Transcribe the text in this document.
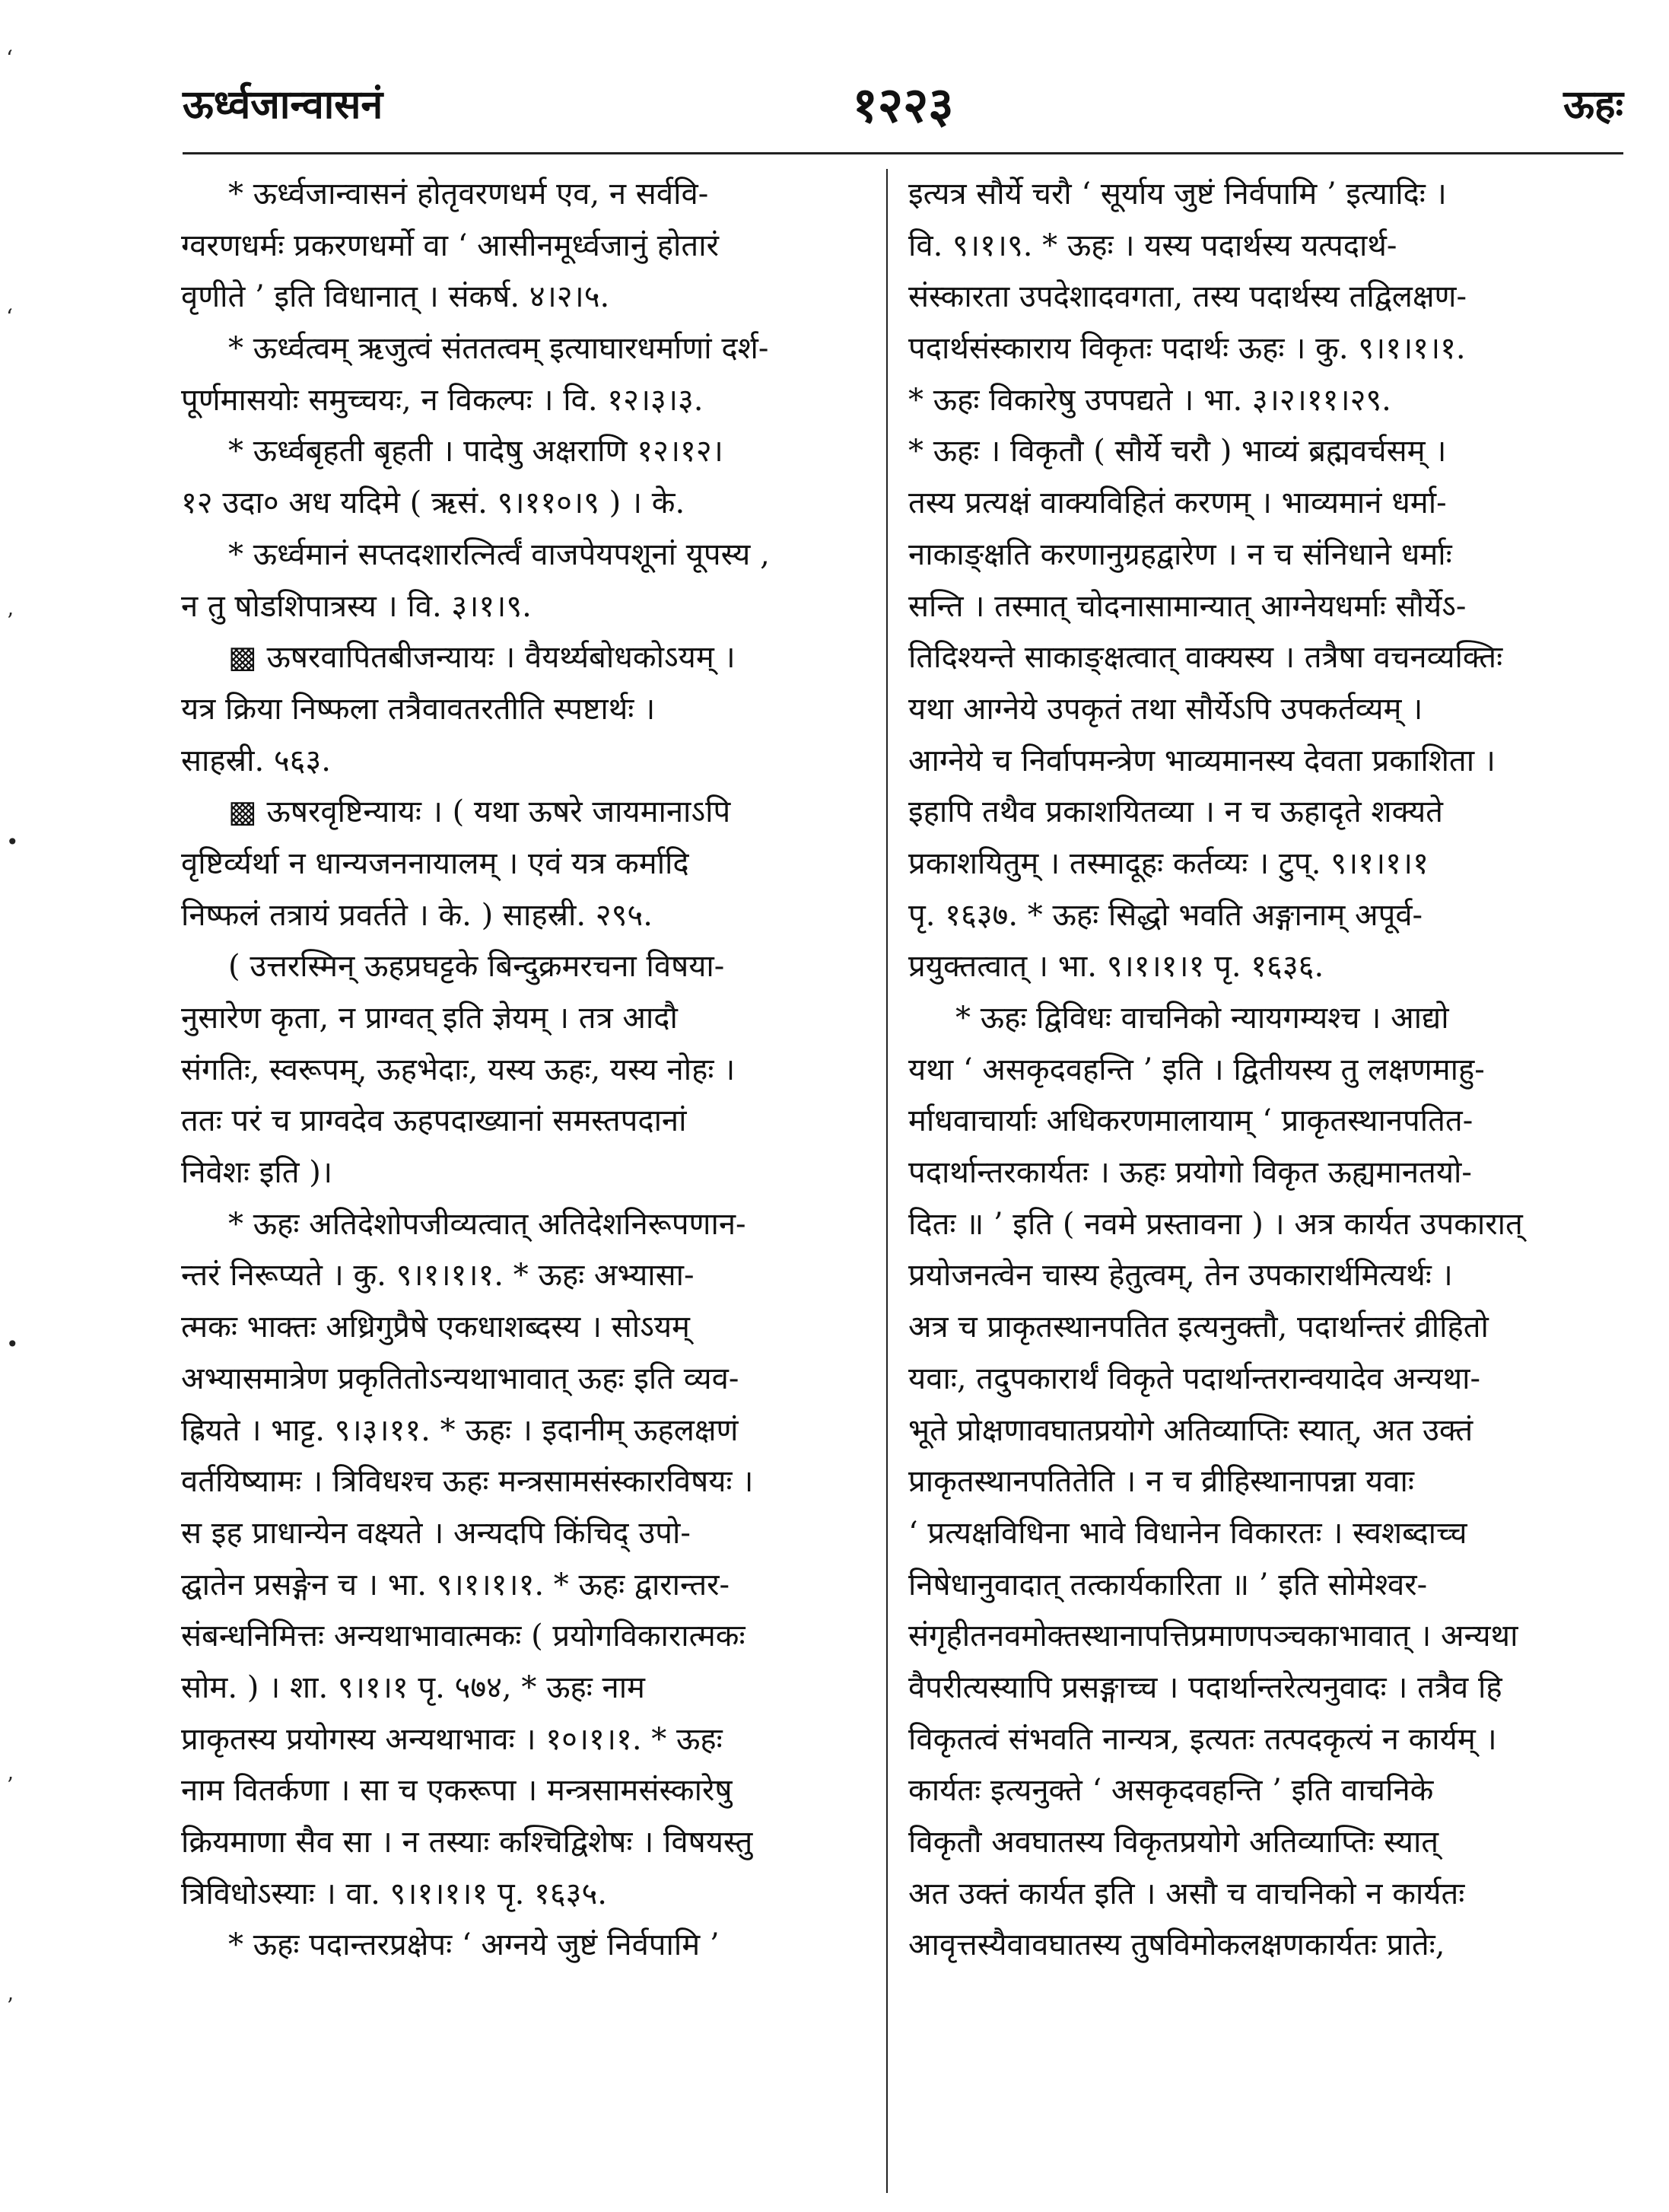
ऊर्ध्वजान्वासनं	१२२३	ऊहः
* ऊर्ध्वजान्वासनं होतृवरणधर्म एव, न सर्ववि-
ग्वरणधर्मः प्रकरणधर्मो वा ‘ आसीनमूर्ध्वजानुं होतारं
वृणीते ’ इति विधानात् । संकर्ष. ४।२।५.
* ऊर्ध्वत्वम् ऋजुत्वं संततत्वम् इत्याघारधर्माणां दर्श-
पूर्णमासयोः समुच्चयः, न विकल्पः । वि. १२।३।३.
* ऊर्ध्वबृहती बृहती । पादेषु अक्षराणि १२।१२।
१२ उदा० अध यदिमे ( ऋसं. ९।११०।९ ) । के.
* ऊर्ध्वमानं सप्तदशारत्निर्त्वं वाजपेयपशूनां यूपस्य ,
न तु षोडशिपात्रस्य । वि. ३।१।९.
▩ ऊषरवापितबीजन्यायः । वैयर्थ्यबोधकोऽयम् ।
यत्र क्रिया निष्फला तत्रैवावतरतीति स्पष्टार्थः ।
साहस्री. ५६३.
▩ ऊषरवृष्टिन्यायः । ( यथा ऊषरे जायमानाऽपि
वृष्टिर्व्यर्था न धान्यजननायालम् । एवं यत्र कर्मादि
निष्फलं तत्रायं प्रवर्तते । के. ) साहस्री. २९५.
( उत्तरस्मिन् ऊहप्रघट्टके बिन्दुक्रमरचना विषया-
नुसारेण कृता, न प्राग्वत् इति ज्ञेयम् । तत्र आदौ
संगतिः, स्वरूपम्, ऊहभेदाः, यस्य ऊहः, यस्य नोहः ।
ततः परं च प्राग्वदेव ऊहपदाख्यानां समस्तपदानां
निवेशः इति )।
* ऊहः अतिदेशोपजीव्यत्वात् अतिदेशनिरूपणान-
न्तरं निरूप्यते । कु. ९।१।१।१. * ऊहः अभ्यासा-
त्मकः भाक्तः अध्रिगुप्रैषे एकधाशब्दस्य । सोऽयम्
अभ्यासमात्रेण प्रकृतितोऽन्यथाभावात् ऊहः इति व्यव-
ह्रियते । भाट्ट. ९।३।११. * ऊहः । इदानीम् ऊहलक्षणं
वर्तयिष्यामः । त्रिविधश्च ऊहः मन्त्रसामसंस्कारविषयः ।
स इह प्राधान्येन वक्ष्यते । अन्यदपि किंचिद् उपो-
द्घातेन प्रसङ्गेन च । भा. ९।१।१।१. * ऊहः द्वारान्तर-
संबन्धनिमित्तः अन्यथाभावात्मकः ( प्रयोगविकारात्मकः
सोम. ) । शा. ९।१।१ पृ. ५७४, * ऊहः नाम
प्राकृतस्य प्रयोगस्य अन्यथाभावः । १०।१।१. * ऊहः
नाम वितर्कणा । सा च एकरूपा । मन्त्रसामसंस्कारेषु
क्रियमाणा सैव सा । न तस्याः कश्चिद्विशेषः । विषयस्तु
त्रिविधोऽस्याः । वा. ९।१।१।१ पृ. १६३५.
* ऊहः पदान्तरप्रक्षेपः ‘ अग्नये जुष्टं निर्वपामि ’
इत्यत्र सौर्ये चरौ ‘ सूर्याय जुष्टं निर्वपामि ’ इत्यादिः ।
वि. ९।१।९. * ऊहः । यस्य पदार्थस्य यत्पदार्थ-
संस्कारता उपदेशादवगता, तस्य पदार्थस्य तद्विलक्षण-
पदार्थसंस्काराय विकृतः पदार्थः ऊहः । कु. ९।१।१।१.
* ऊहः विकारेषु उपपद्यते । भा. ३।२।११।२९.
* ऊहः । विकृतौ ( सौर्ये चरौ ) भाव्यं ब्रह्मवर्चसम् ।
तस्य प्रत्यक्षं वाक्यविहितं करणम् । भाव्यमानं धर्मा-
नाकाङ्क्षति करणानुग्रहद्वारेण । न च संनिधाने धर्माः
सन्ति । तस्मात् चोदनासामान्यात् आग्नेयधर्माः सौर्येऽ-
तिदिश्यन्ते साकाङ्क्षत्वात् वाक्यस्य । तत्रैषा वचनव्यक्तिः
यथा आग्नेये उपकृतं तथा सौर्येऽपि उपकर्तव्यम् ।
आग्नेये च निर्वापमन्त्रेण भाव्यमानस्य देवता प्रकाशिता ।
इहापि तथैव प्रकाशयितव्या । न च ऊहादृते शक्यते
प्रकाशयितुम् । तस्मादूहः कर्तव्यः । टुप्. ९।१।१।१
पृ. १६३७. * ऊहः सिद्धो भवति अङ्गानाम् अपूर्व-
प्रयुक्तत्वात् । भा. ९।१।१।१ पृ. १६३६.
* ऊहः द्विविधः वाचनिको न्यायगम्यश्च । आद्यो
यथा ‘ असकृदवहन्ति ’ इति । द्वितीयस्य तु लक्षणमाहु-
र्माधवाचार्याः अधिकरणमालायाम् ‘ प्राकृतस्थानपतित-
पदार्थान्तरकार्यतः । ऊहः प्रयोगो विकृत ऊह्यमानतयो-
दितः ॥ ’ इति ( नवमे प्रस्तावना ) । अत्र कार्यत उपकारात्
प्रयोजनत्वेन चास्य हेतुत्वम्, तेन उपकारार्थमित्यर्थः ।
अत्र च प्राकृतस्थानपतित इत्यनुक्तौ, पदार्थान्तरं व्रीहितो
यवाः, तदुपकारार्थं विकृते पदार्थान्तरान्वयादेव अन्यथा-
भूते प्रोक्षणावघातप्रयोगे अतिव्याप्तिः स्यात्, अत उक्तं
प्राकृतस्थानपतितेति । न च व्रीहिस्थानापन्ना यवाः
‘ प्रत्यक्षविधिना भावे विधानेन विकारतः । स्वशब्दाच्च
निषेधानुवादात् तत्कार्यकारिता ॥ ’ इति सोमेश्वर-
संगृहीतनवमोक्तस्थानापत्तिप्रमाणपञ्चकाभावात् । अन्यथा
वैपरीत्यस्यापि प्रसङ्गाच्च । पदार्थान्तरेत्यनुवादः । तत्रैव हि
विकृतत्वं संभवति नान्यत्र, इत्यतः तत्पदकृत्यं न कार्यम् ।
कार्यतः इत्यनुक्ते ‘ असकृदवहन्ति ’ इति वाचनिके
विकृतौ अवघातस्य विकृतप्रयोगे अतिव्याप्तिः स्यात्
अत उक्तं कार्यत इति । असौ च वाचनिको न कार्यतः
आवृत्तस्यैवावघातस्य तुषविमोकलक्षणकार्यतः प्रातेः,
ʻ
ʻ
ʼ
•
•
ʼ
ʼ
